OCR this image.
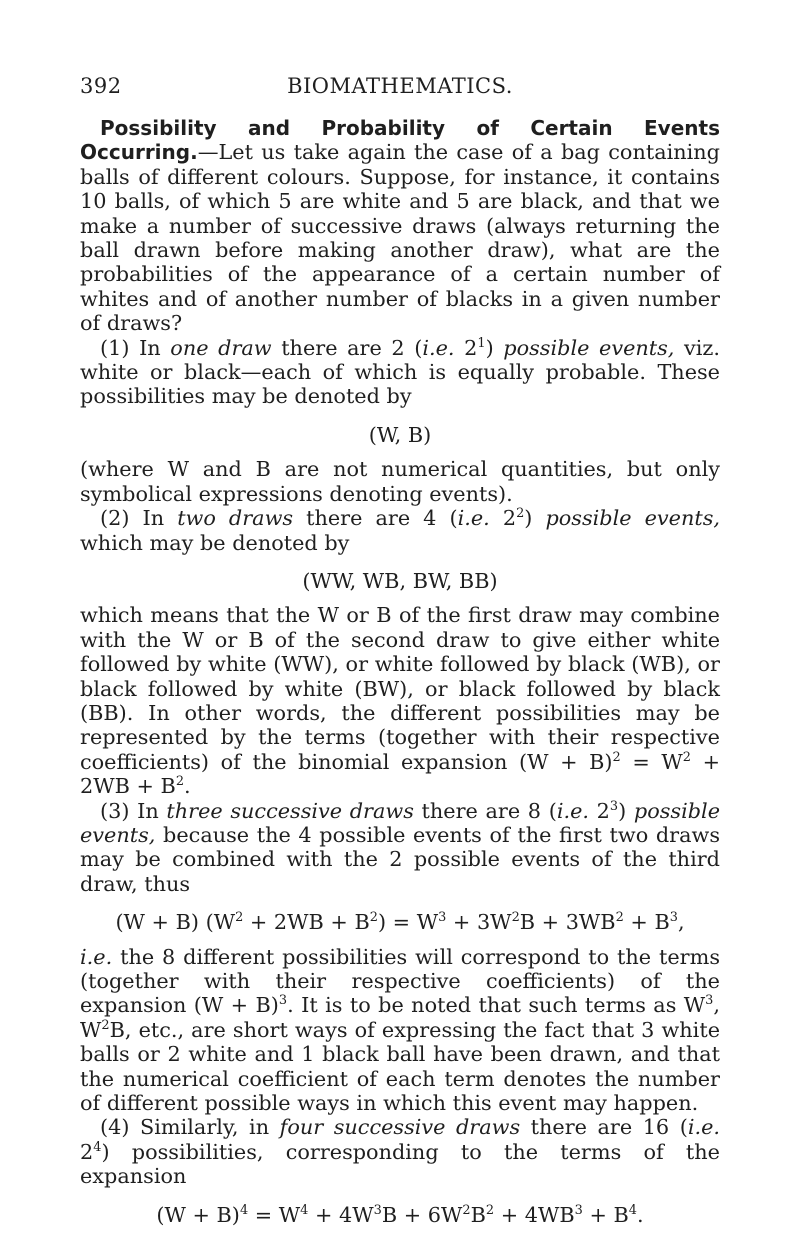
392	BIOMATHEMATICS.

Possibility and Probability of Certain Events Occurring.—Let us take again the case of a bag containing balls of different colours. Suppose, for instance, it contains 10 balls, of which 5 are white and 5 are black, and that we make a number of successive draws (always returning the ball drawn before making another draw), what are the probabilities of the appearance of a certain number of whites and of another number of blacks in a given number of draws?

(1) In one draw there are 2 (i.e. $2^1$) possible events, viz. white or black—each of which is equally probable. These possibilities may be denoted by

(W, B)

(where W and B are not numerical quantities, but only symbolical expressions denoting events).

(2) In two draws there are 4 (i.e. $2^2$) possible events, which may be denoted by

(WW, WB, BW, BB)

which means that the W or B of the first draw may combine with the W or B of the second draw to give either white followed by white (WW), or white followed by black (WB), or black followed by white (BW), or black followed by black (BB). In other words, the different possibilities may be represented by the terms (together with their respective coefficients) of the binomial expansion $(W + B)^2 = W^2 + 2WB + B^2$.

(3) In three successive draws there are 8 (i.e. $2^3$) possible events, because the 4 possible events of the first two draws may be combined with the 2 possible events of the third draw, thus

(W + B) $(W^2 + 2WB + B^2) = W^3 + 3W^2B + 3WB^2 + B^3$,

i.e. the 8 different possibilities will correspond to the terms (together with their respective coefficients) of the expansion $(W + B)^3$. It is to be noted that such terms as $W^3$, $W^2B$, etc., are short ways of expressing the fact that 3 white balls or 2 white and 1 black ball have been drawn, and that the numerical coefficient of each term denotes the number of different possible ways in which this event may happen.

(4) Similarly, in four successive draws there are 16 (i.e. $2^4$) possibilities, corresponding to the terms of the expansion

$(W + B)^4 = W^4 + 4W^3B + 6W^2B^2 + 4WB^3 + B^4$.
